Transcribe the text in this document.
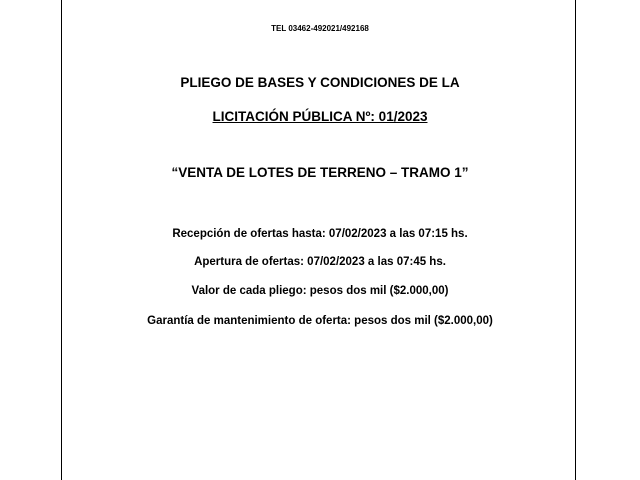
TEL 03462-492021/492168
PLIEGO DE BASES Y CONDICIONES DE LA
LICITACIÓN PÚBLICA Nº: 01/2023
“VENTA DE LOTES DE TERRENO – TRAMO 1”
Recepción de ofertas hasta: 07/02/2023 a las 07:15 hs.
Apertura de ofertas: 07/02/2023 a las 07:45 hs.
Valor de cada pliego: pesos dos mil ($2.000,00)
Garantía de mantenimiento de oferta: pesos dos mil ($2.000,00)
